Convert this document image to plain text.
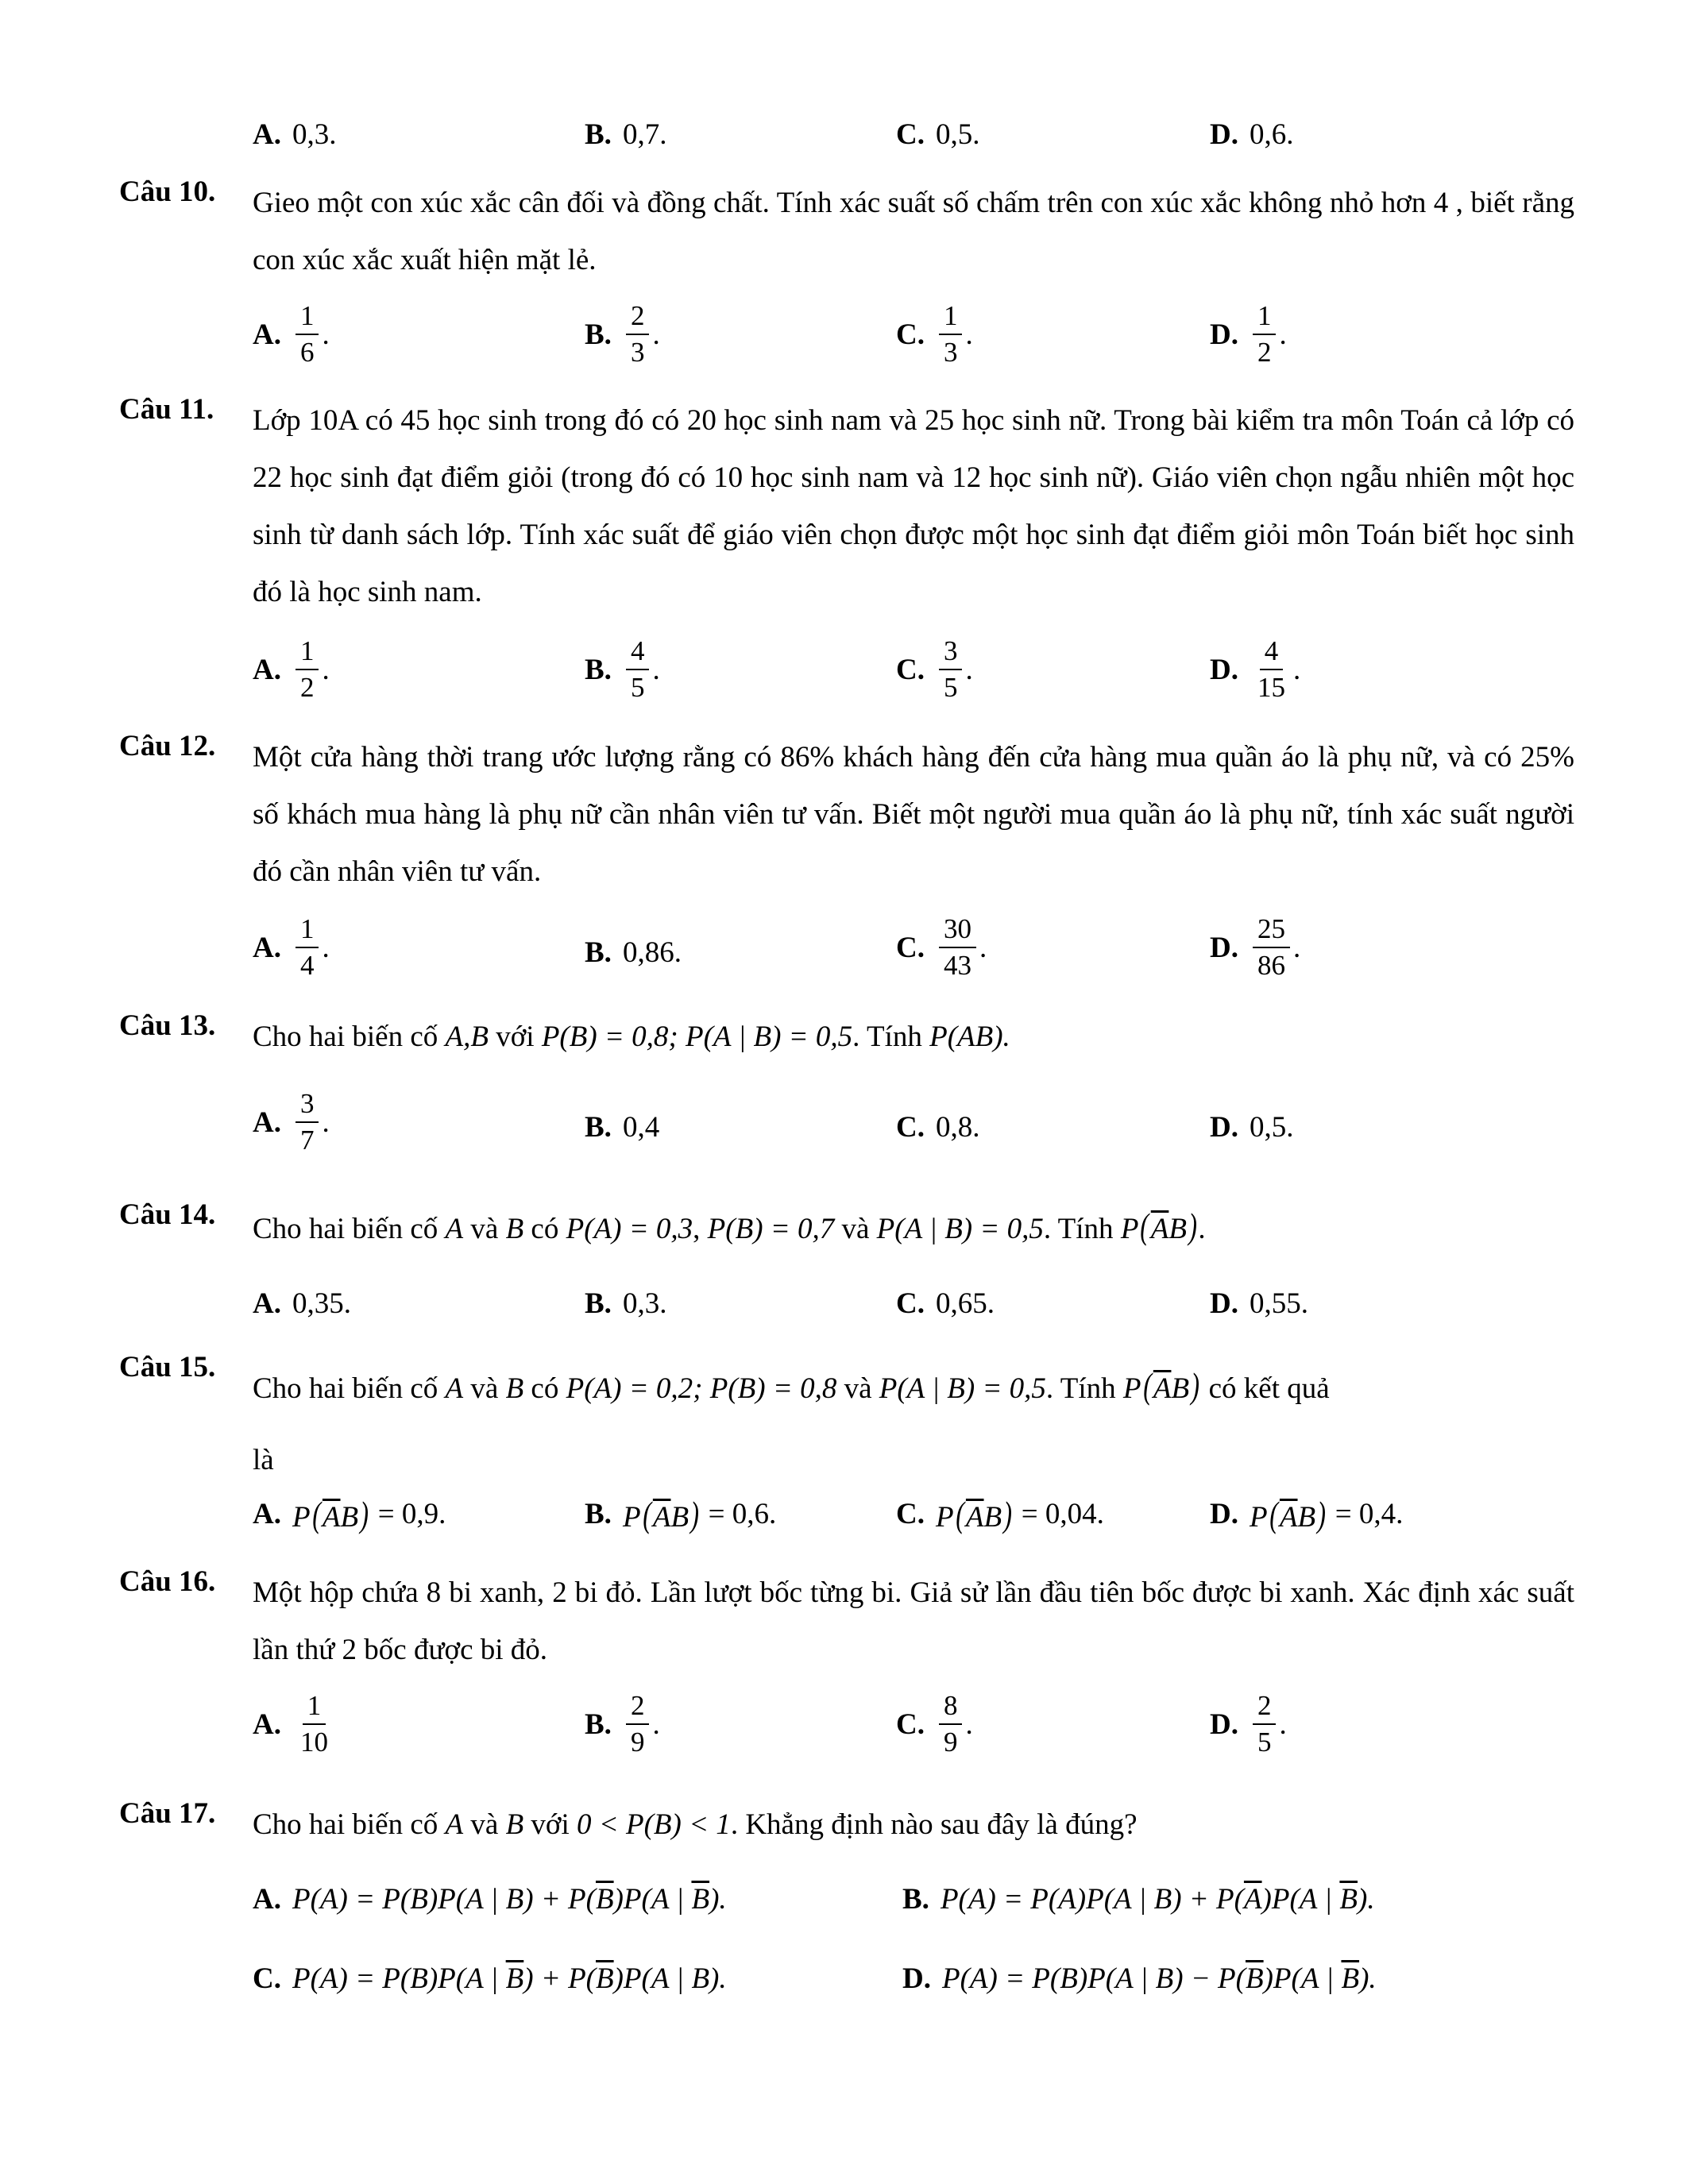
A. 0,3.	B. 0,7.	C. 0,5.	D. 0,6.
Câu 10. Gieo một con xúc xắc cân đối và đồng chất. Tính xác suất số chấm trên con xúc xắc không nhỏ hơn 4 , biết rằng con xúc xắc xuất hiện mặt lẻ.
A. $\frac{1}{6}$ .	B. $\frac{2}{3}$ .	C. $\frac{1}{3}$ .	D. $\frac{1}{2}$ .
Câu 11. Lớp 10A có 45 học sinh trong đó có 20 học sinh nam và 25 học sinh nữ. Trong bài kiểm tra môn Toán cả lớp có 22 học sinh đạt điểm giỏi (trong đó có 10 học sinh nam và 12 học sinh nữ). Giáo viên chọn ngẫu nhiên một học sinh từ danh sách lớp. Tính xác suất để giáo viên chọn được một học sinh đạt điểm giỏi môn Toán biết học sinh đó là học sinh nam.
A. $\frac{1}{2}$ .	B. $\frac{4}{5}$ .	C. $\frac{3}{5}$ .	D. $\frac{4}{15}$ .
Câu 12. Một cửa hàng thời trang ước lượng rằng có 86% khách hàng đến cửa hàng mua quần áo là phụ nữ, và có 25% số khách mua hàng là phụ nữ cần nhân viên tư vấn. Biết một người mua quần áo là phụ nữ, tính xác suất người đó cần nhân viên tư vấn.
A. $\frac{1}{4}$ .	B. 0,86.	C. $\frac{30}{43}$ .	D. $\frac{25}{86}$ .
Câu 13. Cho hai biến cố A,B với P(B) = 0,8; P(A | B) = 0,5. Tính P(AB).
A. $\frac{3}{7}$ .	B. 0,4	C. 0,8.	D. 0,5.
Câu 14. Cho hai biến cố A và B có P(A) = 0,3, P(B) = 0,7 và P(A | B) = 0,5. Tính $P(\overline{A}B)$.
A. 0,35.	B. 0,3.	C. 0,65.	D. 0,55.
Câu 15.
Cho hai biến cố A và B có P(A) = 0,2; P(B) = 0,8 và P(A | B) = 0,5. Tính $P(\overline{A}B)$ có kết quả
là
A. $P(\overline{A}B)$
= 0,9.	B. $P(\overline{A}B)$
= 0,6.	C. $P(\overline{A}B)$
= 0,04.	D. $P(\overline{A}B)$
= 0,4.
Câu 16. Một hộp chứa 8 bi xanh, 2 bi đỏ. Lần lượt bốc từng bi. Giả sử lần đầu tiên bốc được bi xanh. Xác định xác suất lần thứ 2 bốc được bi đỏ.
A. $\frac{1}{10}$	B. $\frac{2}{9}$ .	C. $\frac{8}{9}$ .	D. $\frac{2}{5}$ .
Câu 17. Cho hai biến cố A và B với 0 < P(B) < 1. Khẳng định nào sau đây là đúng?
A. P(A) = P(B)P(A | $B) + P(\overline{B})P(A$ | $\overline{B}$).	B. P(A) = P(A)P(A | $B) + P(\overline{A})P(A$ | $\overline{B}$).
C. P(A) = P(B)P(A | $\overline{B}) + P(\overline{B})P(A$ | B).	D. P(A) = P(B)P(A | $B) - P(\overline{B})P(A$ | $\overline{B}$).
